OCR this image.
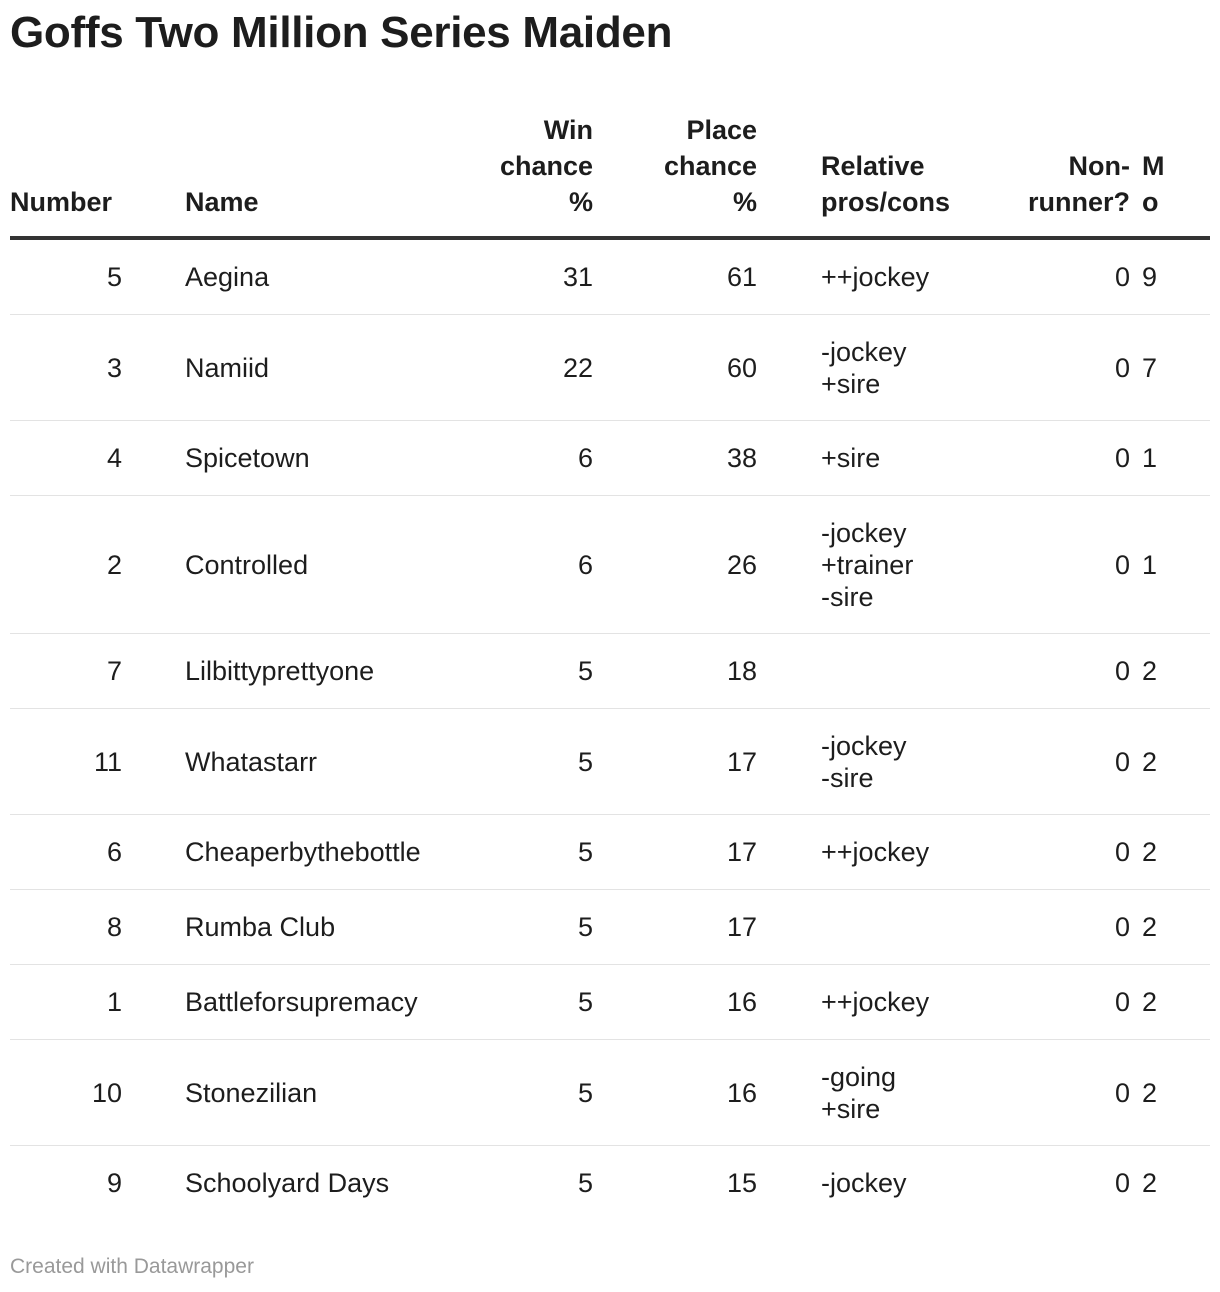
Goffs Two Million Series Maiden
Number		Name	Win
chance
%	Place
chance
%		Relative
pros/cons	Non-
runner?	M
o

5		Aegina	31	61		++jockey	0	9
3		Namiid	22	60		-jockey
+sire	0	7
4		Spicetown	6	38		+sire	0	1
2		Controlled	6	26		-jockey
+trainer
-sire	0	1
7		Lilbittyprettyone	5	18			0	2
11		Whatastarr	5	17		-jockey
-sire	0	2
6		Cheaperbythebottle	5	17		++jockey	0	2
8		Rumba Club	5	17			0	2
1		Battleforsupremacy	5	16		++jockey	0	2
10		Stonezilian	5	16		-going
+sire	0	2
9		Schoolyard Days	5	15		-jockey	0	2
Created with Datawrapper
